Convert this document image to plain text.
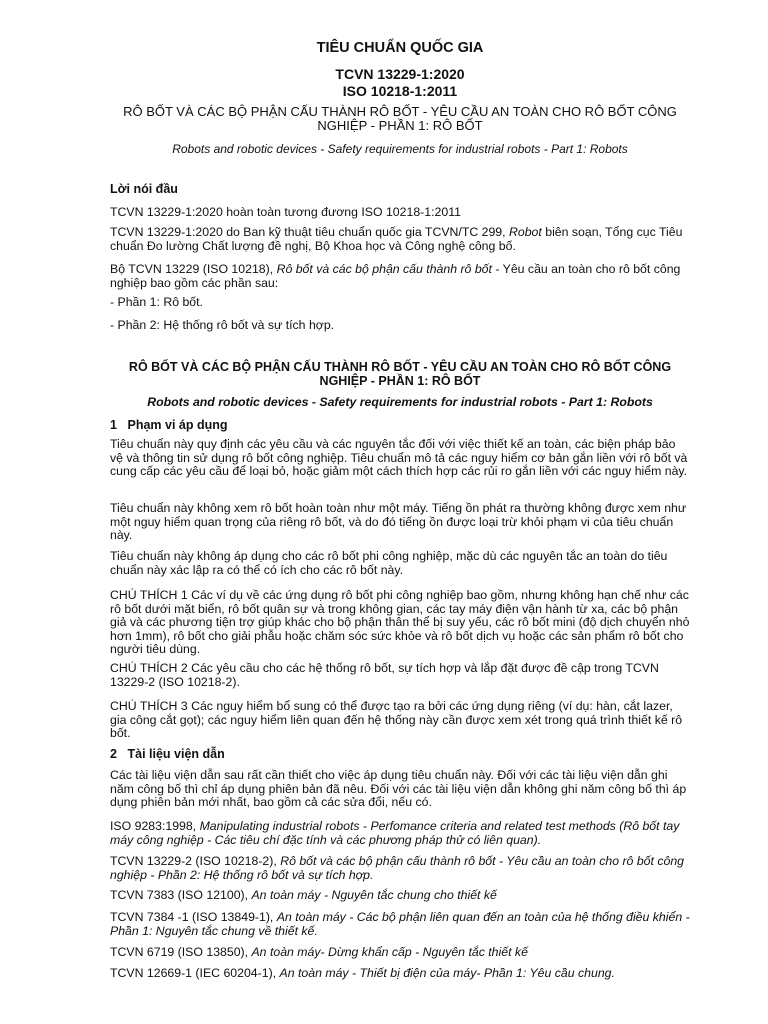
TIÊU CHUẨN QUỐC GIA
TCVN 13229-1:2020
ISO 10218-1:2011
RÔ BỐT VÀ CÁC BỘ PHẬN CẤU THÀNH RÔ BỐT - YÊU CẦU AN TOÀN CHO RÔ BỐT CÔNG NGHIỆP - PHẦN 1: RÔ BỐT
Robots and robotic devices - Safety requirements for industrial robots - Part 1: Robots
Lời nói đầu

TCVN 13229-1:2020 hoàn toàn tương đương ISO 10218-1:2011

TCVN 13229-1:2020 do Ban kỹ thuật tiêu chuẩn quốc gia TCVN/TC 299, Robot biên soạn, Tổng cục Tiêu chuẩn Đo lường Chất lượng đề nghị, Bộ Khoa học và Công nghệ công bố.

Bộ TCVN 13229 (ISO 10218), Rô bốt và các bộ phận cấu thành rô bốt - Yêu cầu an toàn cho rô bốt công nghiệp bao gồm các phần sau:

- Phần 1: Rô bốt.

- Phần 2: Hệ thống rô bốt và sự tích hợp.

RÔ BỐT VÀ CÁC BỘ PHẬN CẤU THÀNH RÔ BỐT - YÊU CẦU AN TOÀN CHO RÔ BỐT CÔNG NGHIỆP - PHẦN 1: RÔ BỐT
Robots and robotic devices - Safety requirements for industrial robots - Part 1: Robots
1 Phạm vi áp dụng

Tiêu chuẩn này quy định các yêu cầu và các nguyên tắc đối với việc thiết kế an toàn, các biện pháp bảo vệ và thông tin sử dụng rô bốt công nghiệp. Tiêu chuẩn mô tả các nguy hiểm cơ bản gắn liền với rô bốt và cung cấp các yêu cầu để loại bỏ, hoặc giảm một cách thích hợp các rủi ro gắn liền với các nguy hiểm này.

Tiêu chuẩn này không xem rô bốt hoàn toàn như một máy. Tiếng ồn phát ra thường không được xem như một nguy hiểm quan trọng của riêng rô bốt, và do đó tiếng ồn được loại trừ khỏi phạm vi của tiêu chuẩn này.

Tiêu chuẩn này không áp dụng cho các rô bốt phi công nghiệp, mặc dù các nguyên tắc an toàn do tiêu chuẩn này xác lập ra có thể có ích cho các rô bốt này.

CHÚ THÍCH 1 Các ví dụ về các ứng dụng rô bốt phi công nghiệp bao gồm, nhưng không hạn chế như các rô bốt dưới mặt biển, rô bốt quân sự và trong không gian, các tay máy điện vận hành từ xa, các bộ phận giả và các phương tiện trợ giúp khác cho bộ phận thân thể bị suy yếu, các rô bốt mini (độ dịch chuyển nhỏ hơn 1mm), rô bốt cho giải phẫu hoặc chăm sóc sức khỏe và rô bốt dịch vụ hoặc các sản phẩm rô bốt cho người tiêu dùng.

CHÚ THÍCH 2 Các yêu cầu cho các hệ thống rô bốt, sự tích hợp và lắp đặt được đề cập trong TCVN 13229-2 (ISO 10218-2).

CHÚ THÍCH 3 Các nguy hiểm bổ sung có thể được tạo ra bởi các ứng dụng riêng (ví dụ: hàn, cắt lazer, gia công cắt gọt); các nguy hiểm liên quan đến hệ thống này cần được xem xét trong quá trình thiết kế rô bốt.

2 Tài liệu viện dẫn

Các tài liệu viện dẫn sau rất cần thiết cho việc áp dụng tiêu chuẩn này. Đối với các tài liệu viện dẫn ghi năm công bố thì chỉ áp dụng phiên bản đã nêu. Đối với các tài liệu viện dẫn không ghi năm công bố thì áp dụng phiên bản mới nhất, bao gồm cả các sửa đổi, nếu có.

ISO 9283:1998, Manipulating industrial robots - Perfomance criteria and related test methods (Rô bốt tay máy công nghiệp - Các tiêu chí đặc tính và các phương pháp thử có liên quan).

TCVN 13229-2 (ISO 10218-2), Rô bốt và các bộ phận cấu thành rô bốt - Yêu cầu an toàn cho rô bốt công nghiệp - Phần 2: Hệ thống rô bốt và sự tích hợp.

TCVN 7383 (ISO 12100), An toàn máy - Nguyên tắc chung cho thiết kế

TCVN 7384 -1 (ISO 13849-1), An toàn máy - Các bộ phận liên quan đến an toàn của hệ thống điều khiển - Phần 1: Nguyên tắc chung về thiết kế.

TCVN 6719 (ISO 13850), An toàn máy- Dừng khẩn cấp - Nguyên tắc thiết kế

TCVN 12669-1 (IEC 60204-1), An toàn máy - Thiết bị điện của máy- Phần 1: Yêu cầu chung.
